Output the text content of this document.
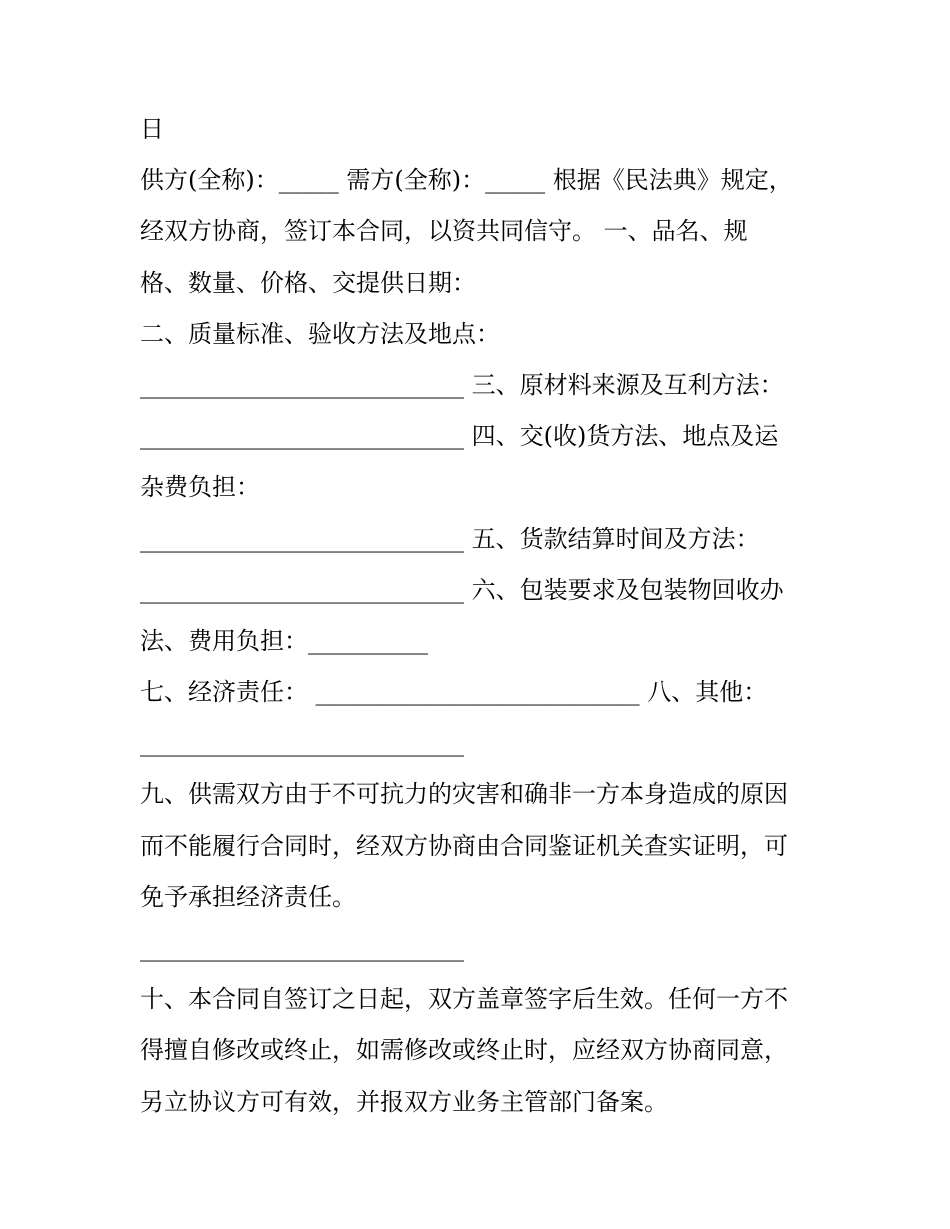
日
供方(全称)：_____ 需方(全称)：_____ 根据《民法典》规定，
经双方协商，签订本合同，以资共同信守。 一、品名、规
格、数量、价格、交提供日期：
二、质量标准、验收方法及地点：
___________________________ 三、原材料来源及互利方法：
___________________________ 四、交(收)货方法、地点及运
杂费负担：
___________________________ 五、货款结算时间及方法：
___________________________ 六、包装要求及包装物回收办
法、费用负担：__________
七、经济责任： ___________________________ 八、其他：
___________________________
九、供需双方由于不可抗力的灾害和确非一方本身造成的原因
而不能履行合同时，经双方协商由合同鉴证机关查实证明，可
免予承担经济责任。
___________________________
十、本合同自签订之日起，双方盖章签字后生效。任何一方不
得擅自修改或终止，如需修改或终止时，应经双方协商同意，
另立协议方可有效，并报双方业务主管部门备案。
